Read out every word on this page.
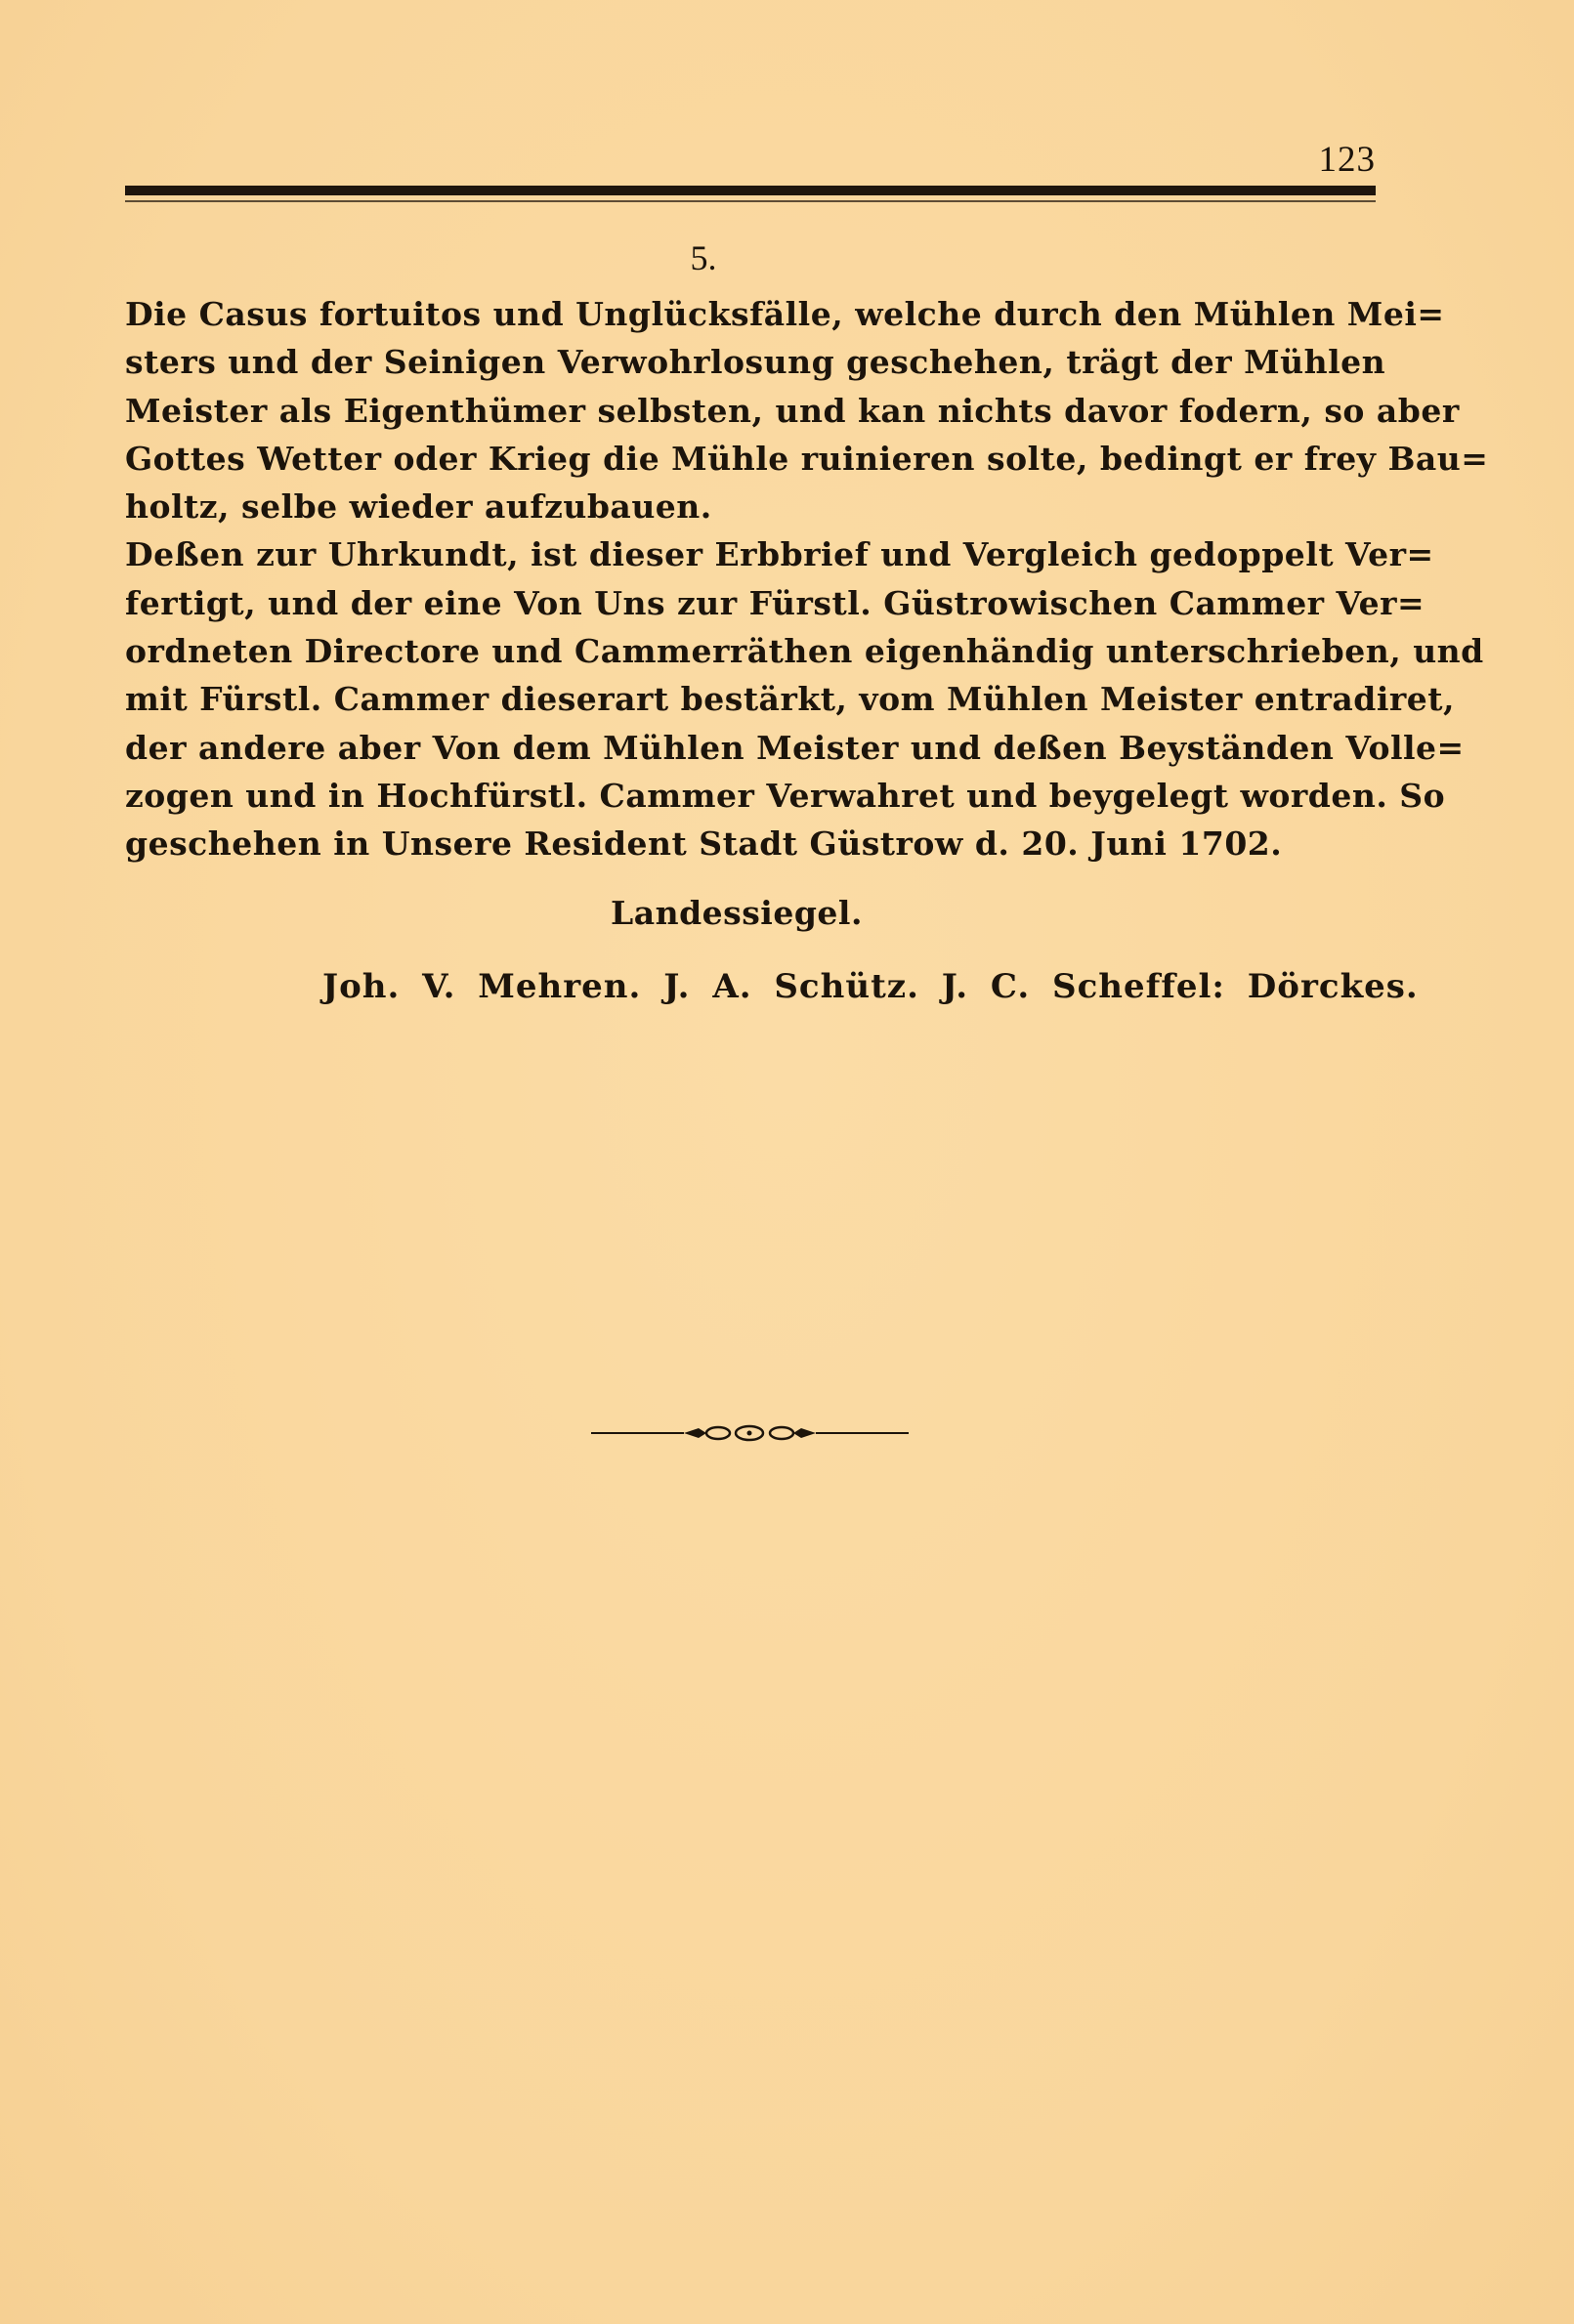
123
5.
Die Casus fortuitos und Unglücksfälle, welche durch den Mühlen Mei=
sters und der Seinigen Verwohrlosung geschehen, trägt der Mühlen
Meister als Eigenthümer selbsten, und kan nichts davor fodern, so aber
Gottes Wetter oder Krieg die Mühle ruinieren solte, bedingt er frey Bau=
holtz, selbe wieder aufzubauen.
Deßen zur Uhrkundt, ist dieser Erbbrief und Vergleich gedoppelt Ver=
fertigt, und der eine Von Uns zur Fürstl. Güstrowischen Cammer Ver=
ordneten Directore und Cammerräthen eigenhändig unterschrieben, und
mit Fürstl. Cammer dieserart bestärkt, vom Mühlen Meister entradiret,
der andere aber Von dem Mühlen Meister und deßen Beyständen Volle=
zogen und in Hochfürstl. Cammer Verwahret und beygelegt worden. So
geschehen in Unsere Resident Stadt Güstrow d. 20. Juni 1702.
Landessiegel.
Joh. V. Mehren. J. A. Schütz. J. C. Scheffel: Dörckes.
